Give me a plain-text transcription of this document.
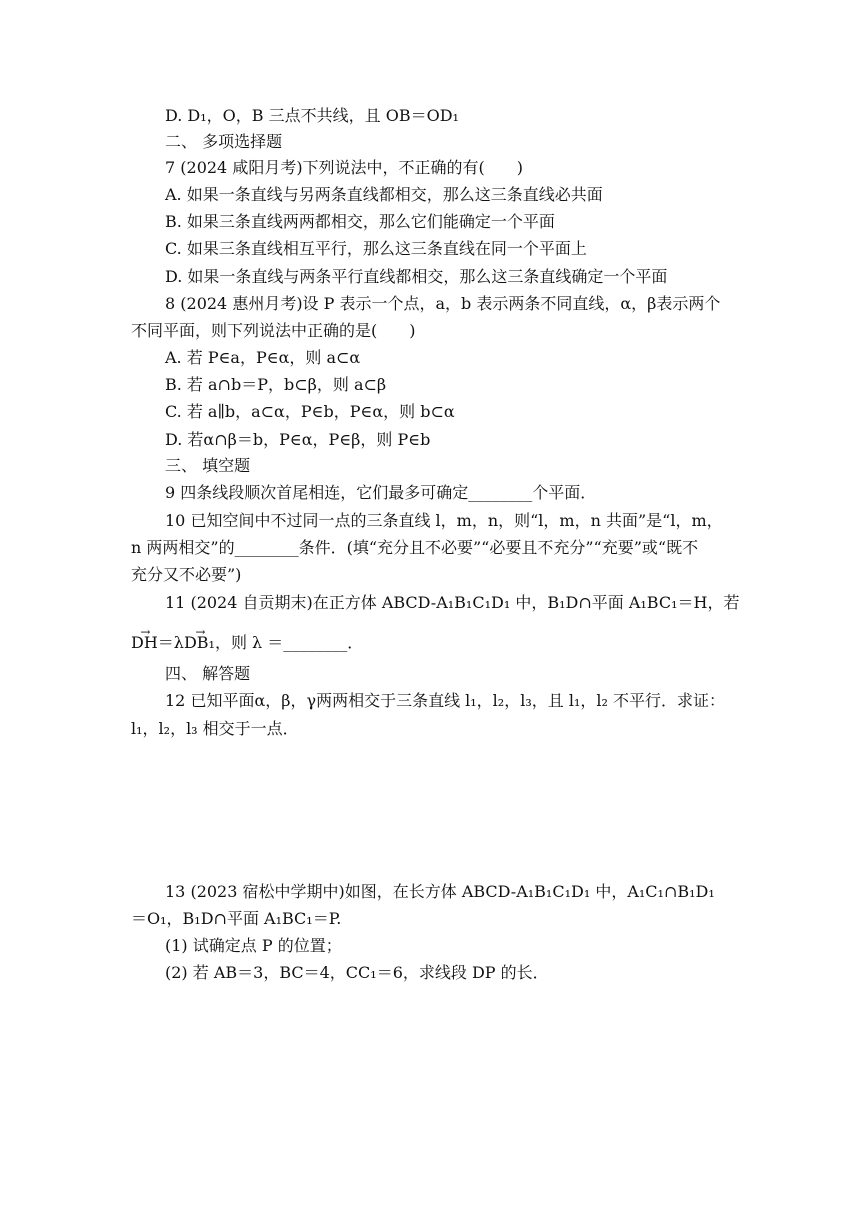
D. D₁，O，B 三点不共线，且 OB＝OD₁
二、 多项选择题
7 (2024 咸阳月考)下列说法中，不正确的有(　　)
A. 如果一条直线与另两条直线都相交，那么这三条直线必共面
B. 如果三条直线两两都相交，那么它们能确定一个平面
C. 如果三条直线相互平行，那么这三条直线在同一个平面上
D. 如果一条直线与两条平行直线都相交，那么这三条直线确定一个平面
8 (2024 惠州月考)设 P 表示一个点，a，b 表示两条不同直线，α，β表示两个
不同平面，则下列说法中正确的是(　　)
A. 若 P∈a，P∈α，则 a⊂α
B. 若 a∩b＝P，b⊂β，则 a⊂β
C. 若 a∥b，a⊂α，P∈b，P∈α，则 b⊂α
D. 若α∩β＝b，P∈α，P∈β，则 P∈b
三、 填空题
9 四条线段顺次首尾相连，它们最多可确定________个平面．
10 已知空间中不过同一点的三条直线 l，m，n，则“l，m，n 共面”是“l，m，
n 两两相交”的________条件．(填“充分且不必要”“必要且不充分”“充要”或“既不
充分又不必要”)
11 (2024 自贡期末)在正方体 ABCD-A₁B₁C₁D₁ 中，B₁D∩平面 A₁BC₁＝H，若
→ DH＝λ→ DB₁，则 λ ＝________．
四、 解答题
12 已知平面α，β，γ两两相交于三条直线 l₁，l₂，l₃，且 l₁，l₂ 不平行．求证：
l₁，l₂，l₃ 相交于一点．
13 (2023 宿松中学期中)如图，在长方体 ABCD-A₁B₁C₁D₁ 中，A₁C₁∩B₁D₁
＝O₁，B₁D∩平面 A₁BC₁＝P.
(1) 试确定点 P 的位置；
(2) 若 AB＝3，BC＝4，CC₁＝6，求线段 DP 的长．
